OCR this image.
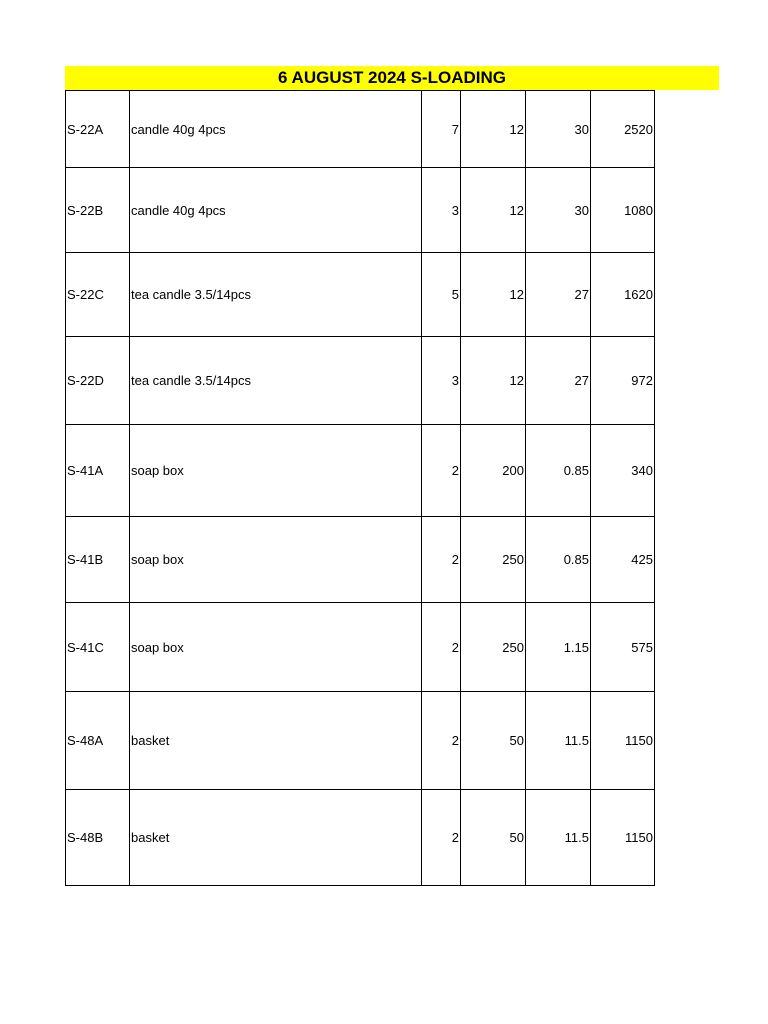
6 AUGUST 2024 S-LOADING
S-22A	candle 40g 4pcs	7	12	30	2520
S-22B	candle 40g 4pcs	3	12	30	1080
S-22C	tea candle 3.5/14pcs	5	12	27	1620
S-22D	tea candle 3.5/14pcs	3	12	27	972
S-41A	soap box	2	200	0.85	340
S-41B	soap box	2	250	0.85	425
S-41C	soap box	2	250	1.15	575
S-48A	basket	2	50	11.5	1150
S-48B	basket	2	50	11.5	1150
